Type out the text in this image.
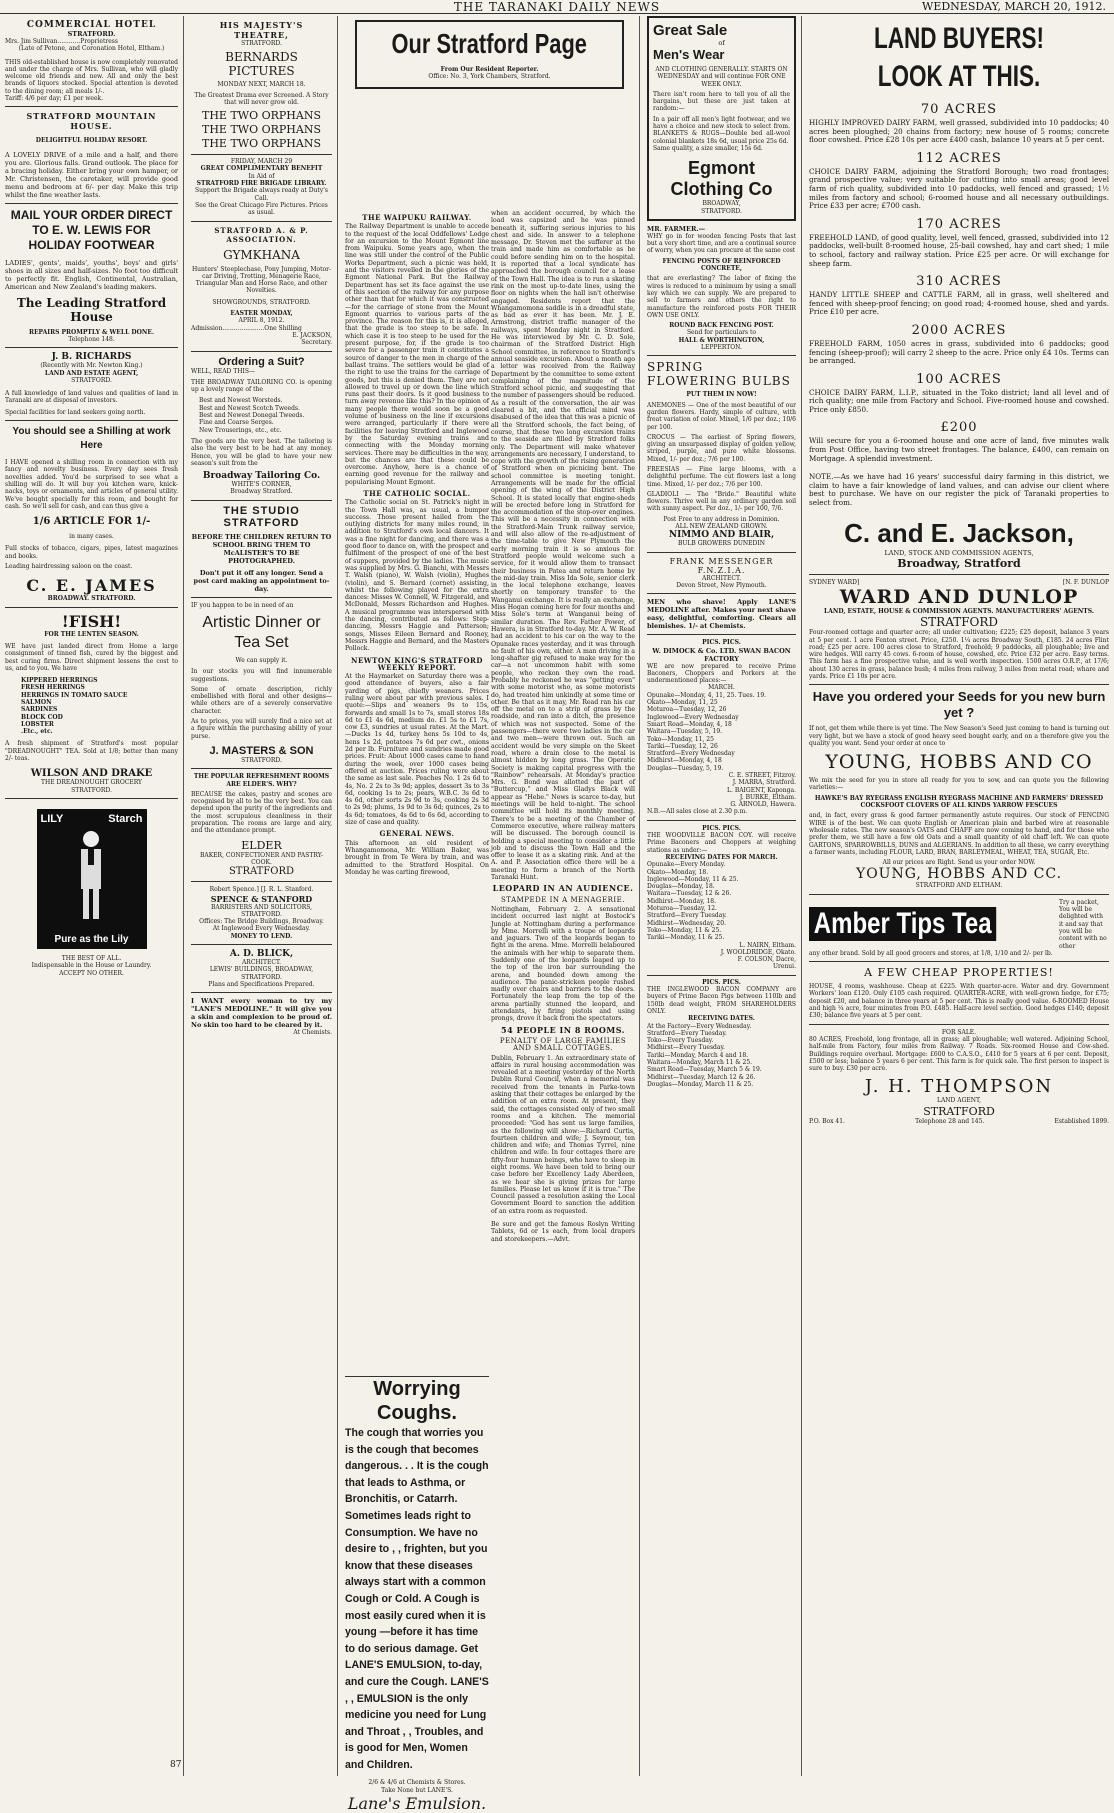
THE TARANAKI DAILY NEWS	WEDNESDAY, MARCH 20, 1912.
COMMERCIAL HOTEL
STRATFORD.
Mrs. Jim Sullivan............Proprietress
(Late of Petone, and Coronation Hotel, Eltham.)
THIS old-established house is now completely renovated and under the charge of Mrs. Sullivan, who will gladly welcome old friends and new. All and only the best brands of liquors stocked. Special attention is devoted to the dining room; all meals 1/-.
Tariff: 4/6 per day; £1 per week.
STRATFORD MOUNTAIN HOUSE.
DELIGHTFUL HOLIDAY RESORT.
A LOVELY DRIVE of a mile and a half, and there you are. Glorious falls. Grand outlook. The place for a bracing holiday. Either bring your own hamper, or Mr. Christensen, the caretaker, will provide good menu and bedroom at 6/- per day. Make this trip whilst the fine weather lasts.
MAIL YOUR ORDER DIRECT TO E. W. LEWIS FOR HOLIDAY FOOTWEAR
LADIES', gents', maids', youths', boys' and girls' shoes in all sizes and half-sizes. No foot too difficult to perfectly fit. English, Continental, Australian, American and New Zealand's leading makers.
The Leading Stratford House
REPAIRS PROMPTLY & WELL DONE.
Telephone 148.
J. B. RICHARDS
(Recently with Mr. Newton King.)
LAND AND ESTATE AGENT,
STRATFORD.
A full knowledge of land values and qualities of land in Taranaki are at disposal of investors.
Special facilities for land seekers going north.
You should see a Shilling at work Here
I HAVE opened a shilling room in connection with my fancy and novelty business. Every day sees fresh novelties added. You'd be surprised to see what a shilling will do. It will buy you kitchen ware, knick-nacks, toys or ornaments, and articles of general utility. We've bought specially for this room, and bought for cash. So we'll sell for cash, and can thus give a
1/6 ARTICLE FOR 1/-
in many cases.
Full stocks of tobacco, cigars, pipes, latest magazines and books.
Leading hairdressing saloon on the coast.
C. E. JAMES
BROADWAY. STRATFORD.
!FISH!
FOR THE LENTEN SEASON.
WE have just landed direct from Home a large consignment of tinned fish, cured by the biggest and best curing firms. Direct shipment lessens the cost to us, and to you. We have
KIPPERED HERRINGS
FRESH HERRINGS
HERRINGS IN TOMATO SAUCE
SALMON
SARDINES
BLOCK COD
LOBSTER
.Etc., etc.
A fresh shipment of Stratford's most popular "DREADNOUGHT" TEA. Sold at 1/8; better than many 2/- teas.
WILSON AND DRAKE
THE DREADNOUGHT GROCERY
STRATFORD.
LILY	Starch
Pure as the Lily
THE BEST OF ALL.
Indispensable in the House or Laundry.
ACCEPT NO OTHER.
HIS MAJESTY'S THEATRE,
STRATFORD.
BERNARDS PICTURES
MONDAY NEXT, MARCH 18.
The Greatest Drama ever Screened. A Story that will never grow old.
THE TWO ORPHANS
THE TWO ORPHANS
THE TWO ORPHANS
FRIDAY, MARCH 29
GREAT COMPLIMENTARY BENEFIT
In Aid of
STRATFORD FIRE BRIGADE LIBRARY.
Support the Brigade always ready at Duty's Call.
See the Great Chicago Fire Pictures. Prices as usual.
STRATFORD A. & P. ASSOCIATION.
GYMKHANA
Hunters' Steeplechase, Pony Jumping, Motor-car Driving, Trotting, Menagerie Race, Triangular Man and Horse Race, and other Novelties.
SHOWGROUNDS, STRATFORD.
EASTER MONDAY,
APRIL 8, 1912.
Admission......................One Shilling
E. JACKSON,
Secretary.
Ordering a Suit?
WELL, READ THIS—
THE BROADWAY TAILORING CO. is opening up a lovely range of the
Best and Newest Worsteds.
Best and Newest Scotch Tweeds.
Best and Newest Donegal Tweeds.
Fine and Coarse Serges.
New Trouserings, etc., etc.
The goods are the very best. The tailoring is also the very best to be had at any money. Hence, you will be glad to have your new season's suit from the
Broadway Tailoring Co.
WHITE'S CORNER,
Broadway Stratford.
THE STUDIO STRATFORD
BEFORE THE CHILDREN RETURN TO SCHOOL BRING THEM TO McALISTER'S TO BE PHOTOGRAPHED.
Don't put it off any longer. Send a post card making an appointment to-day.
IF you happen to be in need of an
Artistic Dinner or Tea Set
We can supply it.
In our stocks you will find innumerable suggestions.
Some of ornate description, richly embellished with floral and other designs—while others are of a severely conservative character.
As to prices, you will surely find a nice set at a figure within the purchasing ability of your purse.
J. MASTERS & SON
STRATFORD.
THE POPULAR REFRESHMENT ROOMS ARE ELDER'S. WHY?
BECAUSE the cakes, pastry and scones are recognised by all to be the very best. You can depend upon the purity of the ingredients and the most scrupulous cleanliness in their preparation. The rooms are large and airy, and the attendance prompt.
ELDER
BAKER, CONFECTIONER AND PASTRY-COOK.
STRATFORD
Robert Spence.] [J. R. L. Stanford.
SPENCE & STANFORD
BARRISTERS AND SOLICITORS, STRATFORD.
Offices: The Bridge Buildings, Broadway.
At Inglewood Every Wednesday.
MONEY TO LEND.
A. D. BLICK,
ARCHITECT.
LEWIS' BUILDINGS, BROADWAY, STRATFORD.
Plans and Specifications Prepared.
I WANT every woman to try my "LANE'S MEDOLINE." It will give you a skin and complexion to be proud of. No skin too hard to be cleared by it.
At Chemists.
Our Stratford Page
From Our Resident Reporter.
Office: No. 3, York Chambers, Stratford.
THE WAIPUKU RAILWAY.
The Railway Department is unable to accede to the request of the local Oddfellows' Lodge for an excursion to the Mount Egmont line from Waipuku. Some years ago, when the line was still under the control of the Public Works Department, such a picnic was held, and the visitors revelled in the glories of the Egmont National Park. But the Railway Department has set its face against the use of this section of the railway for any purpose other than that for which it was constructed—for the carriage of stone from the Mount Egmont quarries to various parts of the province. The reason for this is, it is alleged, that the grade is too steep to be safe. In which case it is too steep to be used for the present purpose, for, if the grade is too severe for a passenger train it constitutes a source of danger to the men in charge of the ballast trains. The settlers would be glad of the right to use the trains for the carriage of goods, but this is denied them. They are not allowed to travel up or down the line which runs past their doors. Is it good business to turn away revenue like this? In the opinion of many people there would soon be a good volume of business on the line if excursions were arranged, particularly if there were facilities for leaving Stratford and Inglewood by the Saturday evening trains and connecting with the Monday morning services. There may be difficulties in the way, but the chances are that these could be overcome. Anyhow, here is a chance of earning good revenue for the railway and popularising Mount Egmont.
THE CATHOLIC SOCIAL.
The Catholic social on St. Patrick's night in the Town Hall was, as usual, a bumper success. Those present hailed from the outlying districts for many miles round, in addition to Stratford's own local dancers. It was a fine night for dancing, and there was a good floor to dance on, with the prospect and fulfilment of the prospect of one of the best of suppers, provided by the ladies. The music was supplied by Mrs. G. Bianchi, with Messrs T. Walsh (piano), W. Walsh (violin), Hughes (violin), and S. Bernard (cornet) assisting, whilst the following played for the extra dances: Misses W. Connell, W. Fitzgerald, and McDonald, Messrs Richardson and Hughes. A musical programme was interspersed with the dancing, contributed as follows: Step-dancing, Messrs Haggie and Patterson; songs, Misses Eileen Bernard and Rooney, Messrs Haggie and Bernard, and the Masters Pollock.
NEWTON KING'S STRATFORD WEEKLY REPORT.
At the Haymarket on Saturday there was a good attendance of buyers, also a fair yarding of pigs, chiefly weaners. Prices ruling were about par with previous sales. I quote:—Slips and weaners 9s to 15s, forwards and small 1s to 7s, small stores 18s 6d to £1 4s 6d, medium do. £1 5s to £1 7s, cow £3, sundries at usual rates. At the Mart.—Ducks 1s 4d, turkey hens 5s 10d to 4s, hens 1s 2d, potatoes 7s 6d per cwt., onions 2d per lb. Furniture and sundries made good prices. Fruit: About 1000 cases came to hand during the week, over 1000 cases being offered at auction. Prices ruling were about the same as last sale. Peaches No. 1 2s 6d to 4s, No. 2 2s to 3s 9d; apples, dessert 3s to 3s 6d, cooking 1s to 2s; pears, W.B.C. 3s 6d to 4s 6d, other sorts 2s 9d to 3s, cooking 2s 3d to 2s 9d; plums, 1s 9d to 3s 6d; quinces, 2s to 4s 6d; tomatoes, 4s 6d to 6s 6d, according to size of case and quality.
GENERAL NEWS.
This afternoon an old resident of Whangamomona, Mr. William Baker, was brought in from Te Wera by train, and was admitted to the Stratford Hospital. On Monday he was carting firewood,
Worrying Coughs.
The cough that worries you is the cough that becomes dangerous. . . It is the cough that leads to Asthma, or Bronchitis, or Catarrh. Sometimes leads right to Consumption. We have no desire to , , frighten, but you know that these diseases always start with a common Cough or Cold. A Cough is most easily cured when it is young —before it has time to do serious damage. Get LANE'S EMULSION, to-day, and cure the Cough. LANE'S , , EMULSION is the only medicine you need for Lung and Throat , , Troubles, and is good for Men, Women and Children.
2/6 & 4/6 at Chemists & Stores.
Take None but LANE'S.
Lane's Emulsion.
when an accident occurred, by which the load was capsized and he was pinned beneath it, suffering serious injuries to his chest and side. In answer to a telephone message, Dr. Steven met the sufferer at the train and made him as comfortable as he could before sending him on to the hospital. It is reported that a local syndicate has approached the borough council for a lease of the Town Hall. The idea is to run a skating rink on the most up-to-date lines, using the floor on nights when the hall isn't otherwise engaged. Residents report that the Whangamomona saddle is in a dreadful state, as bad as ever it has been. Mr. J. E. Armstrong, district traffic manager of the railways, spent Monday night in Stratford. He was interviewed by Mr. C. D. Sole, chairman of the Stratford District High School committee, in reference to Stratford's annual seaside excursion. About a month ago a letter was received from the Railway Department by the committee to some extent complaining of the magnitude of the Stratford school picnic, and suggesting that the number of passengers should be reduced. As a result of the conversation, the air was cleared a bit, and the official mind was disabused of the idea that this was a picnic of all the Stratford schools, the fact being, of course, that these two long excursion trains to the seaside are filled by Stratford folks only. The Department will make whatever arrangements are necessary, I understand, to cope with the growth of the rising generation of Stratford when on picnicing bent. The school committee is meeting tonight. Arrangements will be made for the official opening of the wing of the District High School. It is stated locally that engine-sheds will be erected before long in Stratford for the accommodation of the stop-over engines. This will be a necessity in connection with the Stratford-Main Trunk railway service, and will also allow of the re-adjustment of the time-table to give New Plymouth the early morning train it is so anxious for. Stratford people would welcome such a service, for it would allow them to transact their business in Patea and return home by the mid-day train. Miss Ida Sole, senior clerk in the local telephone exchange, leaves shortly on temporary transfer to the Wanganui exchange. It is really an exchange, Miss Hogan coming here for four months and Miss Sole's term at Wanganui being of similar duration. The Rev. Father Power, of Hawera, is in Stratford to-day. Mr. A. W. Read had an accident to his car on the way to the Opunake races yesterday, and it was through no fault of his own, either. A man driving in a long-shafter gig refused to make way for the car—a not uncommon habit with some people, who reckon they own the road. Probably he reckoned he was "getting even" with some motorist who, as some motorists do, had treated him unkindly at some time or other. Be that as it may, Mr. Read ran his car off the metal on to a strip of grass by the roadside, and ran into a ditch, the presence of which was not suspected. Some of the passengers—there were two ladies in the car and two men—were thrown out. Such an accident would be very simple on the Skeet road, where a drain close to the metal is almost hidden by long grass. The Operatic Society is making capital progress with the "Rainbow" rehearsals. At Monday's practice Mrs. G. Bond was allotted the part of "Buttercup," and Miss Gladys Black will appear as "Hebe." News is scarce to-day, but meetings will be held to-night. The school committee will hold its monthly meeting. There's to be a meeting of the Chamber of Commerce executive, where railway matters will be discussed. The borough council is holding a special meeting to consider a little job and to discuss the Town Hall and the offer to lease it as a skating rink. And at the A. and P. Association office there will be a meeting to form a branch of the North Taranaki Hunt.
LEOPARD IN AN AUDIENCE.
STAMPEDE IN A MENAGERIE.
Nottingham, February 2. A sensational incident occurred last night at Bostock's Jungle at Nottingham during a performance by Mme. Morrelli with a troupe of leopards and jaguars. Two of the leopards began to fight in the arena. Mme. Morrelli belaboured the animals with her whip to separate them. Suddenly one of the leopards leaped up to the top of the iron bar surrounding the arena, and bounded down among the audience. The panic-stricken people rushed madly over chairs and barriers to the doors. Fortunately the leap from the top of the arena partially stunned the leopard, and attendants, by firing pistols and using prongs, drove it back from the spectators.
54 PEOPLE IN 8 ROOMS.
PENALTY OF LARGE FAMILIES AND SMALL COTTAGES.
Dublin, February 1. An extraordinary state of affairs in rural housing accommodation was revealed at a meeting yesterday of the North Dublin Rural Council, when a memorial was received from the tenants in Parke-town asking that their cottages be enlarged by the addition of an extra room. At present, they said, the cottages consisted only of two small rooms and a kitchen. The memorial proceeded: "God has sent us large families, as the following will show:—Richard Curtis, fourteen children and wife; J. Seymour, ten children and wife; and Thomas Tyrrel, nine children and wife. In four cottages there are fifty-four human beings, who have to sleep in eight rooms. We have been told to bring our case before her Excellency Lady Aberdeen, as we hear she is giving prizes for large families. Please let us know if it is true." The Council passed a resolution asking the Local Government Board to sanction the addition of an extra room as requested.
Be sure and get the famous Roslyn Writing Tablets, 6d or 1s each, from local drapers and storekeepers.—Advt.
Great Sale
of
Men's Wear
AND CLOTHING GENERALLY. STARTS ON WEDNESDAY and will continue FOR ONE WEEK ONLY.
There isn't room here to tell you of all the bargains, but these are just taken at random:—
In a pair off all men's light footwear, and we have a choice and new stock to select from. BLANKETS & RUGS—Double bed all-wool colonial blankets 18s 6d, usual price 25s 6d.
Same quality, a size smaller, 15s 6d.
Egmont Clothing Co
BROADWAY,
STRATFORD.
MR. FARMER.—
WHY go in for wooden fencing Posts that last but a very short time, and are a continual source of worry, when you can procure at the same cost
FENCING POSTS OF REINFORCED CONCRETE,
that are everlasting? The labor of fixing the wires is reduced to a minimum by using a small key which we can supply. We are prepared to sell to farmers and others the right to manufacture the reinforced posts FOR THEIR OWN USE ONLY.
ROUND BACK FENCING POST.
Send for particulars to
HALL & WORTHINGTON,
LEPPERTON.
SPRING FLOWERING BULBS
PUT THEM IN NOW!
ANEMONES — One of the most beautiful of our garden flowers. Hardy, simple of culture, with freat variation of color. Mixed, 1/6 per doz.; 10/6 per 100.
CROCUS — The earliest of Spring flowers, giving an unsurpassed display of golden yellow, striped, purple, and pure white blossoms. Mixed, 1/- per doz.; 7/6 per 100.
FREESIAS — Fine large blooms, with a delightful perfume. The cut flowers last a long time. Mixed, 1/- per doz.; 7/6 per 100.
GLADIOLI — The "Bride." Beautiful white flowers. Thrive well in any ordinary garden soil with sunny aspect. Per doz., 1/- per 100, 7/6.
Post Free to any address in Dominion.
ALL NEW ZEALAND GROWN.
NIMMO AND BLAIR,
BULB GROWERS DUNEDIN
FRANK MESSENGER F.N.Z.I.A.
ARCHITECT.
Devon Street, New Plymouth.
MEN who shave! Apply LANE'S MEDOLINE after. Makes your next shave easy, delightful, comforting. Clears all blemishes. 1/- at Chemists.
PICS. PICS.
W. DIMOCK & Co. LTD. SWAN BACON FACTORY
WE are now prepared to receive Prime Baconers, Choppers and Porkers at the undermentioned places:—
MARCH.
Opunake—Monday, 4, 11, 25. Tues. 19.
Okato—Monday, 11, 25
Moturoa—Tuesday, 12, 26
Inglewood—Every Wednesday
Smart Road—Monday, 4, 18
Waitara—Tuesday, 5, 19.
Toko—Monday, 11, 25
Tariki—Tuesday, 12, 26
Stratford—Every Wednesday
Midhirst—Monday, 4, 18
Douglas—Tuesday, 5, 19.
C. E. STREET, Fitzroy.
J. MARRA, Stratford.
L. BAIGENT, Kaponga.
J. BURKE, Eltham.
G. ARNOLD, Hawera.
N.B.—All sales close at 2.30 p.m.
PICS. PICS.
THE WOODVILLE BACON COY. will receive Prime Baconers and Choppers at weighing stations as under:—
RECEIVING DATES FOR MARCH.
Opunake—Every Monday.
Okato—Monday, 18.
Inglewood—Monday, 11 & 25.
Douglas—Monday, 18.
Waitara—Tuesday, 12 & 26.
Midhirst—Monday, 18.
Moturoa—Tuesday, 12.
Stratford—Every Tuesday.
Midhirst—Wednesday, 20.
Toko—Monday, 11 & 25.
Tariki—Monday, 11 & 25.
L. NAIRN, Eltham.
J. WOOLDRIDGE, Okato.
F. COLSON, Dacre,
Urenui.
PICS. PICS.
THE INGLEWOOD BACON COMPANY are buyers of Prime Bacon Pigs between 110lb and 150lb dead weight, FROM SHAREHOLDERS ONLY.
RECEIVING DATES.
At the Factory—Every Wednesday.
Stratford—Every Tuesday.
Toko—Every Tuesday.
Midhirst—Every Tuesday.
Tariki—Monday, March 4 and 18.
Waitara—Monday, March 11 & 25.
Smart Road—Tuesday, March 5 & 19.
Midhirst—Tuesday, March 12 & 26.
Douglas—Monday, March 11 & 25.
LAND BUYERS!
LOOK AT THIS.
70 ACRES
HIGHLY IMPROVED DAIRY FARM, well grassed, subdivided into 10 paddocks; 40 acres been ploughed; 20 chains from factory; new house of 5 rooms; concrete floor cowshed. Price £28 10s per acre £400 cash, balance 10 years at 5 per cent.
112 ACRES
CHOICE DAIRY FARM, adjoining the Stratford Borough; two road frontages; grand prospective value; very suitable for cutting into small areas; good level farm of rich quality, subdivided into 10 paddocks, well fenced and grassed; 1½ miles from factory and school; 6-roomed house and all necessary outbuildings. Price £33 per acre; £700 cash.
170 ACRES
FREEHOLD LAND, of good quality, level, well fenced, grassed, subdivided into 12 paddocks, well-built 8-roomed house, 25-bail cowshed, hay and cart shed; 1 mile to school, factory and railway station. Price £25 per acre. Or will exchange for sheep farm.
310 ACRES
HANDY LITTLE SHEEP and CATTLE FARM, all in grass, well sheltered and fenced with sheep-proof fencing; on good road; 4-roomed house, shed and yards. Price £10 per acre.
2000 ACRES
FREEHOLD FARM, 1050 acres in grass, subdivided into 6 paddocks; good fencing (sheep-proof); will carry 2 sheep to the acre. Price only £4 10s. Terms can be arranged.
100 ACRES
CHOICE DAIRY FARM, L.I.P., situated in the Toko district; land all level and of rich quality; one mile from Factory and School. Five-roomed house and cowshed. Price only £850.
£200
Will secure for you a 6-roomed house and one acre of land, five minutes walk from Post Office, having two street frontages. The balance, £400, can remain on Mortgage. A splendid investment.
NOTE.—As we have had 16 years' successful dairy farming in this district, we claim to have a fair knowledge of land values, and can advise our client where best to purchase. We have on our register the pick of Taranaki properties to select from.
C. and E. Jackson,
LAND, STOCK AND COMMISSION AGENTS,
Broadway, Stratford
SYDNEY WARD]	[N. F. DUNLOP
WARD AND DUNLOP
LAND, ESTATE, HOUSE & COMMISSION AGENTS. MANUFACTURERS' AGENTS.
STRATFORD
Four-roomed cottage and quarter acre; all under cultivation; £225; £25 deposit, balance 3 years at 5 per cent. 1 acre Fenton street. Price, £250. 1¼ acres Broadway South, £185. 24 acres Flint road; £25 per acre. 100 acres close to Stratford, freehold; 9 paddocks, all ploughable; live and wire hedges. Will carry 45 cows. 6-room of house, cowshed, etc. Price £32 per acre. Easy terms. This farm has a fine prospective value, and is well worth inspection. 1500 acres O.R.P., at 17/6; about 130 acres in grass, balance bush; 4 miles from railway, 3 miles from metal road; whare and yards. Price £1 10s per acre.
Have you ordered your Seeds for you new burn yet ?
If not, get them while there is yet time. The New Season's Seed just coming to hand is turning out very light, but we have a stock of good heavy seed bought early, and on a therefore give you the quality you want. Send your order at once to
YOUNG, HOBBS AND CO
We mix the seed for you in store all ready for you to sow, and can quote you the following varieties:—
HAWKE'S BAY RYEGRASS ENGLISH RYEGRASS MACHINE AND FARMERS' DRESSED COCKSFOOT CLOVERS OF ALL KINDS YARROW FESCUES
and, in fact, every grass & good farmer permanently astute requires. Our stock of FENCING WIRE is of the best. We can quote English or American plain and barbed wire at reasonable wholesale rates. The new season's OATS and CHAFF are now coming to hand, and for those who prefer them, we still have a few old Oats and a small quantity of old chaff left. We can quote GARTONS, SPARROWBILLS, DUNS and ALGERIANS. In addition to all these, we carry everything a farmer wants, including FLOUR, LARD, BRAN, BARLEYMEAL, WHEAT, TEA, SUGAR, Etc.
All our prices are Right. Send us your order NOW.
YOUNG, HOBBS AND CC.
STRATFORD AND ELTHAM.
Amber Tips Tea
Try a packet, You will be delighted with it and say that you will be content with no other
any other brand. Sold by all good grocers and stores, at 1/8, 1/10 and 2/- per lb.
A FEW CHEAP PROPERTIES!
HOUSE, 4 rooms, washhouse. Cheap at £225. With quarter-acre. Water and dry. Government Workers' loan £120. Only £105 cash required. QUARTER-ACRE, with well-grown hedge, for £75; deposit £20, and balance in three years at 5 per cent. This is really good value. 6-ROOMED House and high ¼ acre, four minutes from P.O. £485. Half-acre level section. Good hedges £140; deposit £30; balance five years at 5 per cent.
FOR SALE.
80 ACRES, Freehold, long frontage, all in grass; all ploughable; well watered. Adjoining School, half-mile from Factory, four miles from Railway. 7 Roads. Six-roomed House and Cow-shed. Buildings require overhaul. Mortgage: £600 to C.A.S.O., £410 for 5 years at 6 per cent. Deposit, £500 or less; balance 5 years 6 per cent. This farm is for quick sale. The first person to inspect is sure to buy. £30 per acre.
J. H. THOMPSON
LAND AGENT,
STRATFORD
P.O. Box 41.	Telephone 28 and 145.	Established 1899.
87
